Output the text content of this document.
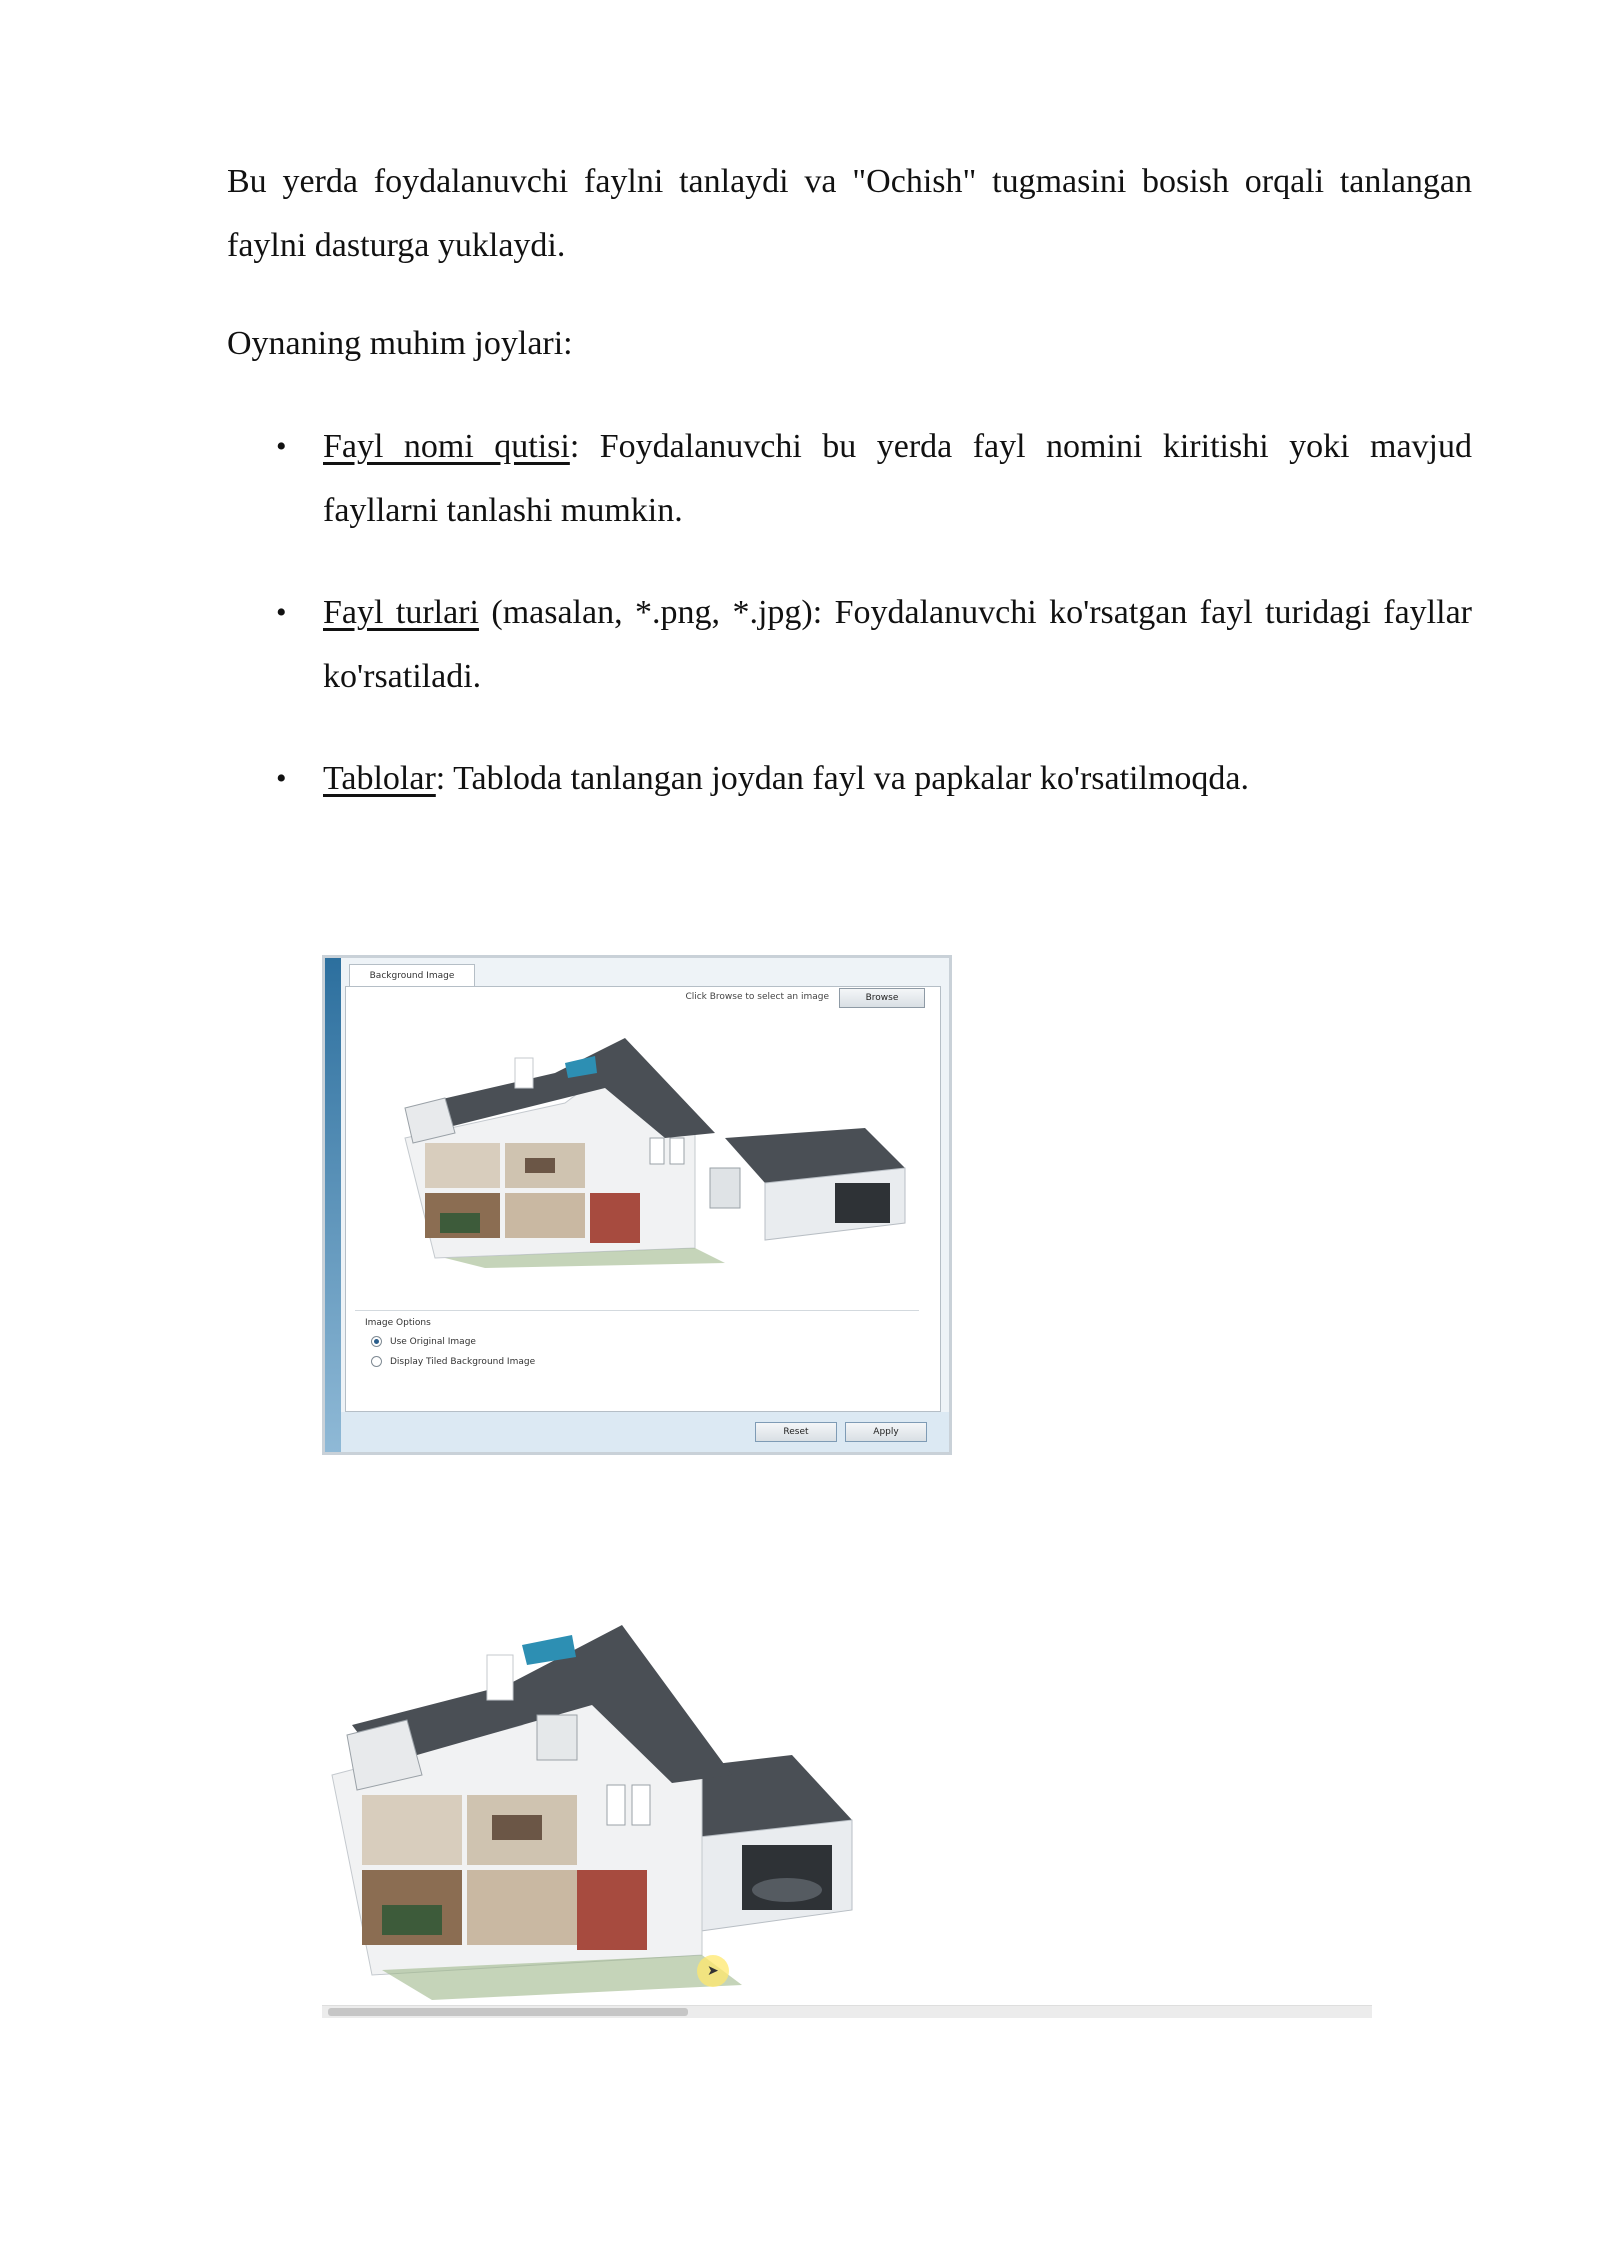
Bu yerda foydalanuvchi faylni tanlaydi va "Ochish" tugmasini bosish orqali tanlangan faylni dasturga yuklaydi.

Oynaning muhim joylari:

• Fayl nomi qutisi: Foydalanuvchi bu yerda fayl nomini kiritishi yoki mavjud fayllarni tanlashi mumkin.
• Fayl turlari (masalan, *.png, *.jpg): Foydalanuvchi ko'rsatgan fayl turidagi fayllar ko'rsatiladi.
• Tablolar: Tabloda tanlangan joydan fayl va papkalar ko'rsatilmoqda.
Background Image
Click Browse to select an image	Browse
Image Options
Use Original Image
Display Tiled Background Image
Reset	Apply
➤
